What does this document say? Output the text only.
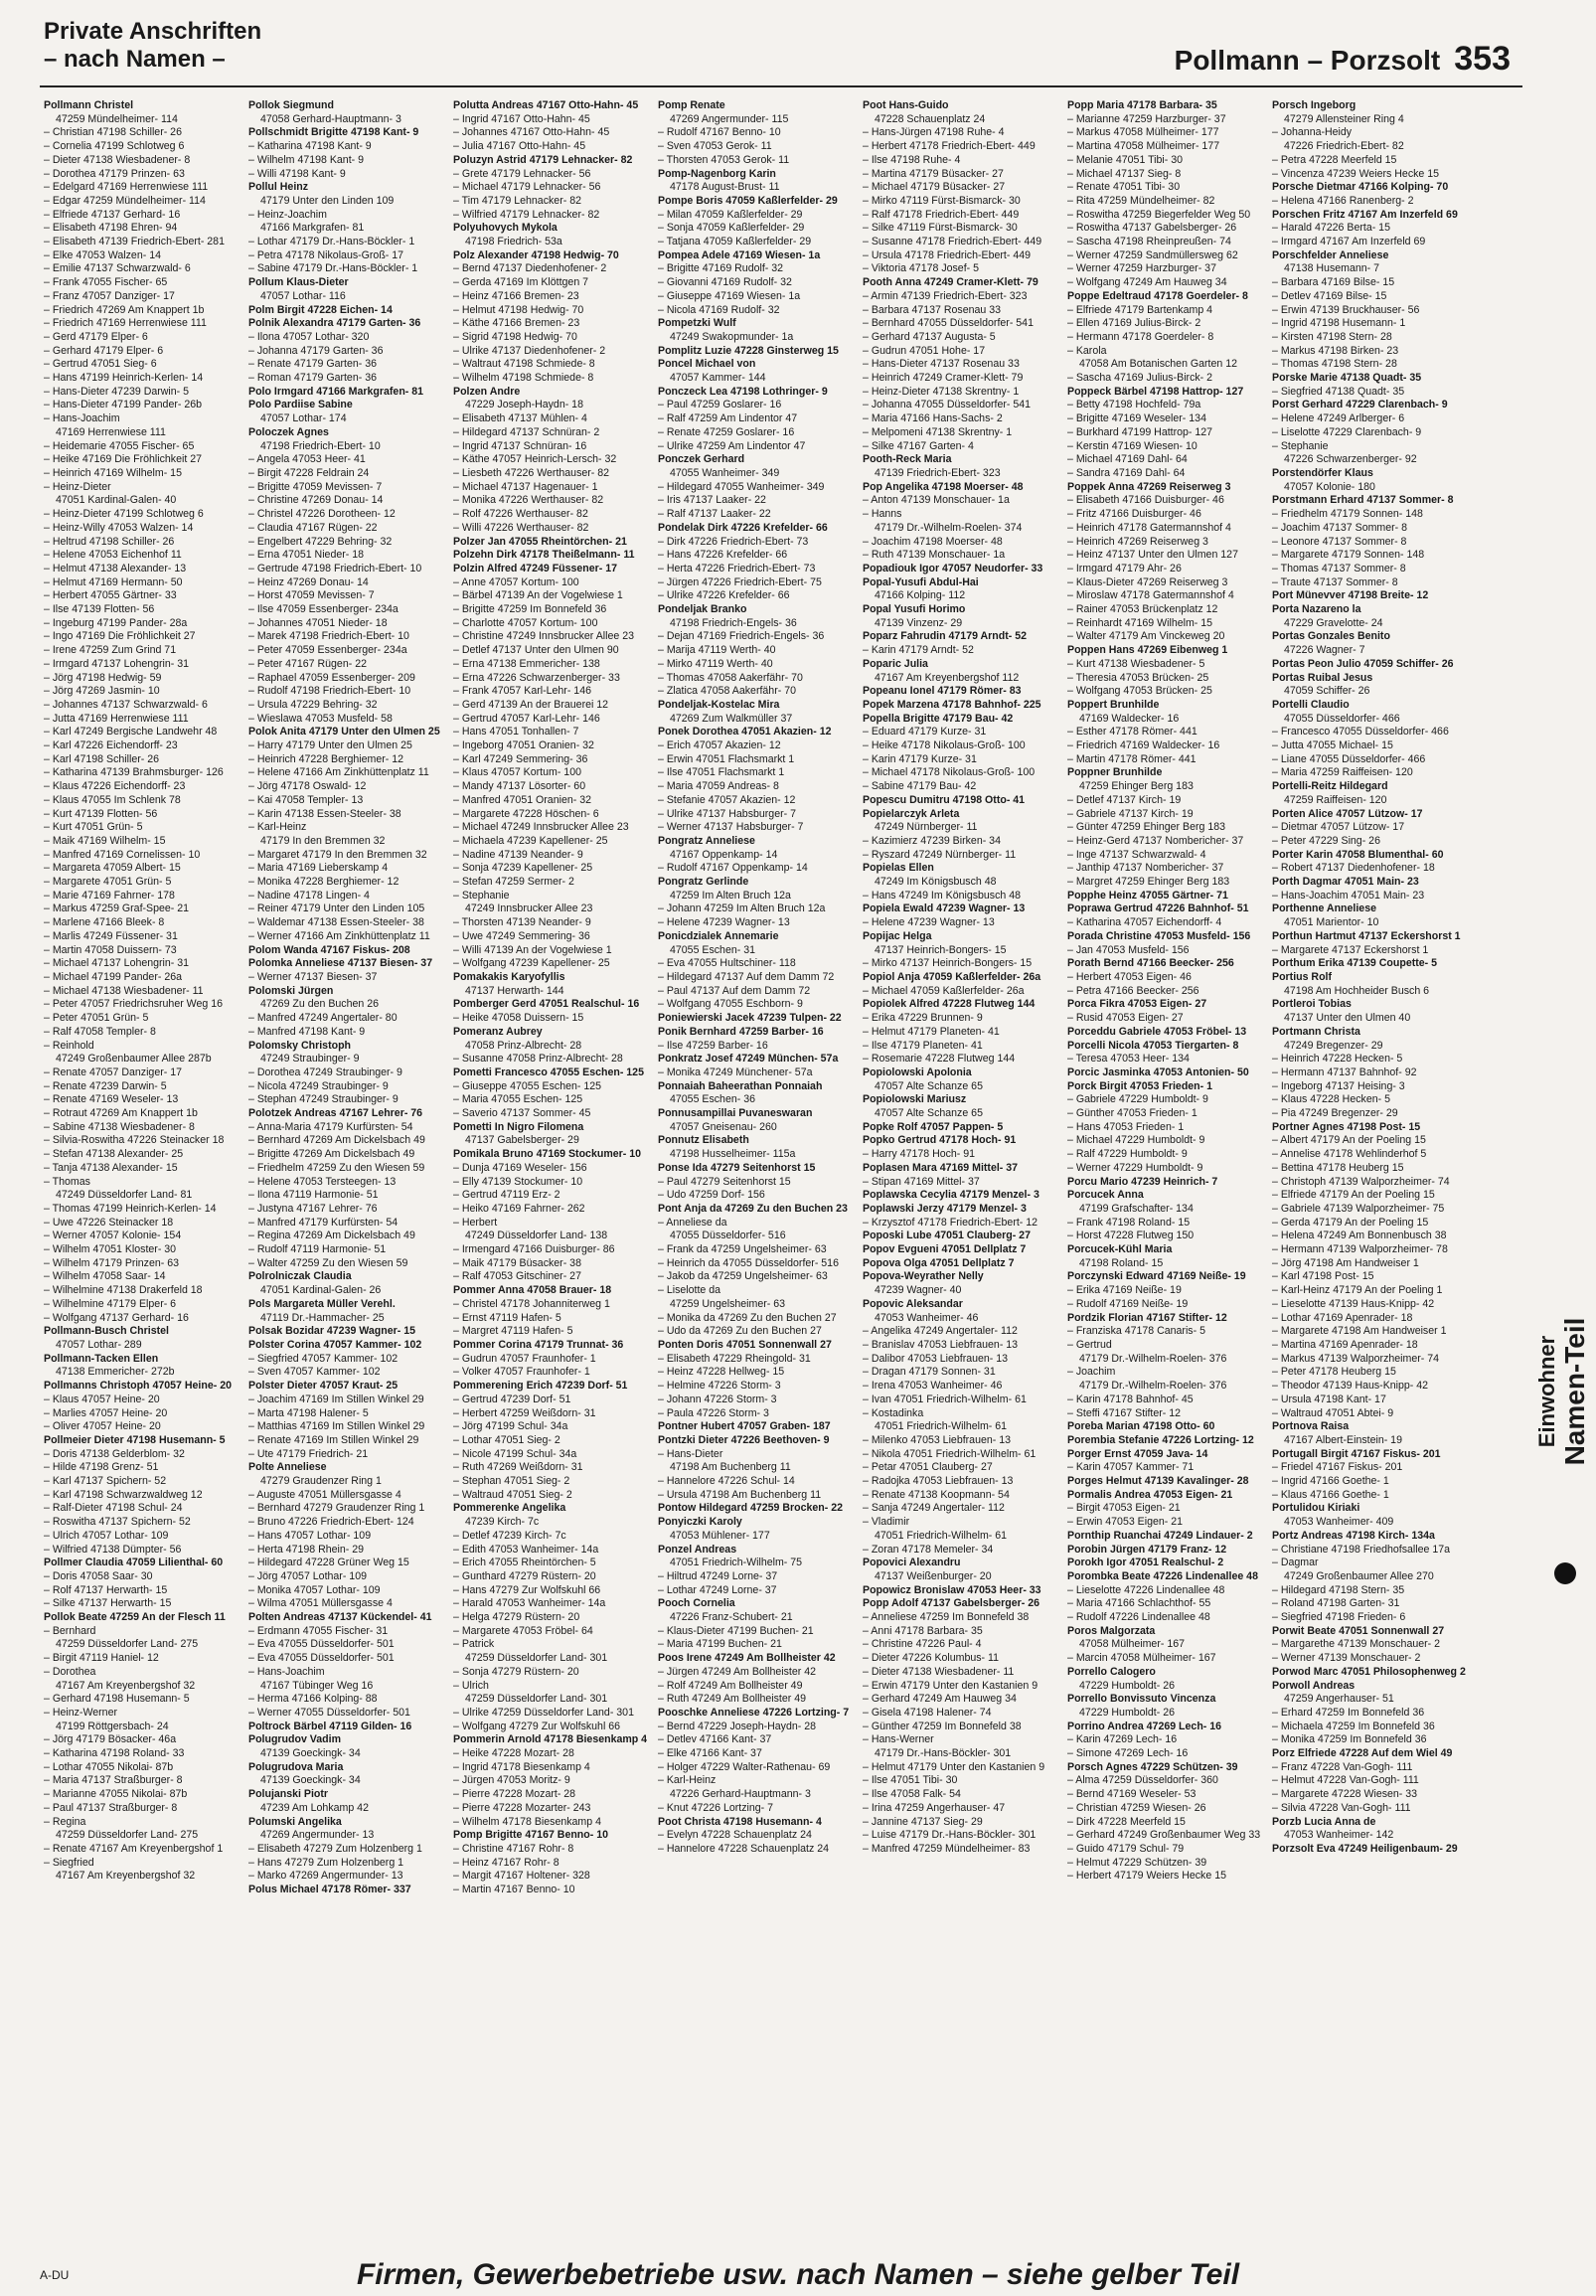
Private Anschriften
– nach Namen –	Pollmann – Porzsolt 353
Pollmann Christel
47259 Mündelheimer- 114
– Christian 47198 Schiller- 26
– Cornelia 47199 Schlotweg 6
– Dieter 47138 Wiesbadener- 8
– Dorothea 47179 Prinzen- 63
– Edelgard 47169 Herrenwiese 111
– Edgar 47259 Mündelheimer- 114
– Elfriede 47137 Gerhard- 16
– Elisabeth 47198 Ehren- 94
– Elisabeth 47139 Friedrich-Ebert- 281
– Elke 47053 Walzen- 14
– Emilie 47137 Schwarzwald- 6
– Frank 47055 Fischer- 65
– Franz 47057 Danziger- 17
– Friedrich 47269 Am Knappert 1b
– Friedrich 47169 Herrenwiese 111
– Gerd 47179 Elper- 6
– Gerhard 47179 Elper- 6
– Gertrud 47051 Sieg- 6
– Hans 47199 Heinrich-Kerlen- 14
– Hans-Dieter 47239 Darwin- 5
– Hans-Dieter 47199 Pander- 26b
– Hans-Joachim
47169 Herrenwiese 111
– Heidemarie 47055 Fischer- 65
– Heike 47169 Die Fröhlichkeit 27
– Heinrich 47169 Wilhelm- 15
– Heinz-Dieter
47051 Kardinal-Galen- 40
– Heinz-Dieter 47199 Schlotweg 6
– Heinz-Willy 47053 Walzen- 14
– Heltrud 47198 Schiller- 26
– Helene 47053 Eichenhof 11
– Helmut 47138 Alexander- 13
– Helmut 47169 Hermann- 50
– Herbert 47055 Gärtner- 33
– Ilse 47139 Flotten- 56
– Ingeburg 47199 Pander- 28a
– Ingo 47169 Die Fröhlichkeit 27
– Irene 47259 Zum Grind 71
– Irmgard 47137 Lohengrin- 31
– Jörg 47198 Hedwig- 59
– Jörg 47269 Jasmin- 10
– Johannes 47137 Schwarzwald- 6
– Jutta 47169 Herrenwiese 111
– Karl 47249 Bergische Landwehr 48
– Karl 47226 Eichendorff- 23
– Karl 47198 Schiller- 26
– Katharina 47139 Brahmsburger- 126
– Klaus 47226 Eichendorff- 23
– Klaus 47055 Im Schlenk 78
– Kurt 47139 Flotten- 56
– Kurt 47051 Grün- 5
– Maik 47169 Wilhelm- 15
– Manfred 47169 Cornelissen- 10
– Margareta 47059 Albert- 15
– Margarete 47051 Grün- 5
– Marie 47169 Fahrner- 178
– Markus 47259 Graf-Spee- 21
– Marlene 47166 Bleek- 8
– Marlis 47249 Füssener- 31
– Martin 47058 Duissern- 73
– Michael 47137 Lohengrin- 31
– Michael 47199 Pander- 26a
– Michael 47138 Wiesbadener- 11
– Peter 47057 Friedrichsruher Weg 16
– Peter 47051 Grün- 5
– Ralf 47058 Templer- 8
– Reinhold
47249 Großenbaumer Allee 287b
– Renate 47057 Danziger- 17
– Renate 47239 Darwin- 5
– Renate 47169 Weseler- 13
– Rotraut 47269 Am Knappert 1b
– Sabine 47138 Wiesbadener- 8
– Silvia-Roswitha 47226 Steinacker 18
– Stefan 47138 Alexander- 25
– Tanja 47138 Alexander- 15
– Thomas
47249 Düsseldorfer Land- 81
– Thomas 47199 Heinrich-Kerlen- 14
– Uwe 47226 Steinacker 18
– Werner 47057 Kolonie- 154
– Wilhelm 47051 Kloster- 30
– Wilhelm 47179 Prinzen- 63
– Wilhelm 47058 Saar- 14
– Wilhelmine 47138 Drakerfeld 18
– Wilhelmine 47179 Elper- 6
– Wolfgang 47137 Gerhard- 16
Pollmann-Busch Christel
47057 Lothar- 289
Pollmann-Tacken Ellen
47138 Emmericher- 272b
Pollmanns Christoph 47057 Heine- 20
– Klaus 47057 Heine- 20
– Marlies 47057 Heine- 20
– Oliver 47057 Heine- 20
Pollmeier Dieter 47198 Husemann- 5
– Doris 47138 Gelderblom- 32
– Hilde 47198 Grenz- 51
– Karl 47137 Spichern- 52
– Karl 47198 Schwarzwaldweg 12
– Ralf-Dieter 47198 Schul- 24
– Roswitha 47137 Spichern- 52
– Ulrich 47057 Lothar- 109
– Wilfried 47138 Dümpter- 56
Pollmer Claudia 47059 Lilienthal- 60
– Doris 47058 Saar- 30
– Rolf 47137 Herwarth- 15
– Silke 47137 Herwarth- 15
Pollok Beate 47259 An der Flesch 11
– Bernhard
47259 Düsseldorfer Land- 275
– Birgit 47119 Haniel- 12
– Dorothea
47167 Am Kreyenbergshof 32
– Gerhard 47198 Husemann- 5
– Heinz-Werner
47199 Röttgersbach- 24
– Jörg 47179 Bösacker- 46a
– Katharina 47198 Roland- 33
– Lothar 47055 Nikolai- 87b
– Maria 47137 Straßburger- 8
– Marianne 47055 Nikolai- 87b
– Paul 47137 Straßburger- 8
– Regina
47259 Düsseldorfer Land- 275
– Renate 47167 Am Kreyenbergshof 1
– Siegfried
47167 Am Kreyenbergshof 32
Pollok Siegmund
47058 Gerhard-Hauptmann- 3
Pollschmidt Brigitte 47198 Kant- 9
– Katharina 47198 Kant- 9
– Wilhelm 47198 Kant- 9
– Willi 47198 Kant- 9
Pollul Heinz
47179 Unter den Linden 109
– Heinz-Joachim
47166 Markgrafen- 81
– Lothar 47179 Dr.-Hans-Böckler- 1
– Petra 47178 Nikolaus-Groß- 17
– Sabine 47179 Dr.-Hans-Böckler- 1
Pollum Klaus-Dieter
47057 Lothar- 116
Polm Birgit 47228 Eichen- 14
Polnik Alexandra 47179 Garten- 36
– Ilona 47057 Lothar- 320
– Johanna 47179 Garten- 36
– Renate 47179 Garten- 36
– Roman 47179 Garten- 36
Polo Irmgard 47166 Markgrafen- 81
Polo Pardiise Sabine
47057 Lothar- 174
Poloczek Agnes
47198 Friedrich-Ebert- 10
– Angela 47053 Heer- 41
– Birgit 47228 Feldrain 24
– Brigitte 47059 Mevissen- 7
– Christine 47269 Donau- 14
– Christel 47226 Dorotheen- 12
– Claudia 47167 Rügen- 22
– Engelbert 47229 Behring- 32
– Erna 47051 Nieder- 18
– Gertrude 47198 Friedrich-Ebert- 10
– Heinz 47269 Donau- 14
– Horst 47059 Mevissen- 7
– Ilse 47059 Essenberger- 234a
– Johannes 47051 Nieder- 18
– Marek 47198 Friedrich-Ebert- 10
– Peter 47059 Essenberger- 234a
– Peter 47167 Rügen- 22
– Raphael 47059 Essenberger- 209
– Rudolf 47198 Friedrich-Ebert- 10
– Ursula 47229 Behring- 32
– Wieslawa 47053 Musfeld- 58
Polok Anita 47179 Unter den Ulmen 25
– Harry 47179 Unter den Ulmen 25
– Heinrich 47228 Berghiemer- 12
– Helene 47166 Am Zinkhüttenplatz 11
– Jörg 47178 Oswald- 12
– Kai 47058 Templer- 13
– Karin 47138 Essen-Steeler- 38
– Karl-Heinz
47179 In den Bremmen 32
– Margaret 47179 In den Bremmen 32
– Maria 47169 Lieberskamp 4
– Monika 47228 Berghiemer- 12
– Nadine 47178 Lingen- 4
– Reiner 47179 Unter den Linden 105
– Waldemar 47138 Essen-Steeler- 38
– Werner 47166 Am Zinkhüttenplatz 11
Polom Wanda 47167 Fiskus- 208
Polomka Anneliese 47137 Biesen- 37
– Werner 47137 Biesen- 37
Polomski Jürgen
47269 Zu den Buchen 26
– Manfred 47249 Angertaler- 80
– Manfred 47198 Kant- 9
Polomsky Christoph
47249 Straubinger- 9
– Dorothea 47249 Straubinger- 9
– Nicola 47249 Straubinger- 9
– Stephan 47249 Straubinger- 9
Polotzek Andreas 47167 Lehrer- 76
– Anna-Maria 47179 Kurfürsten- 54
– Bernhard 47269 Am Dickelsbach 49
– Brigitte 47269 Am Dickelsbach 49
– Friedhelm 47259 Zu den Wiesen 59
– Helene 47053 Tersteegen- 13
– Ilona 47119 Harmonie- 51
– Justyna 47167 Lehrer- 76
– Manfred 47179 Kurfürsten- 54
– Regina 47269 Am Dickelsbach 49
– Rudolf 47119 Harmonie- 51
– Walter 47259 Zu den Wiesen 59
Polrolniczak Claudia
47051 Kardinal-Galen- 26
Pols Margareta Müller Verehl.
47119 Dr.-Hammacher- 25
Polsak Bozidar 47239 Wagner- 15
Polster Corina 47057 Kammer- 102
– Siegfried 47057 Kammer- 102
– Sven 47057 Kammer- 102
Polster Dieter 47057 Kraut- 25
– Joachim 47169 Im Stillen Winkel 29
– Marta 47198 Halener- 5
– Matthias 47169 Im Stillen Winkel 29
– Renate 47169 Im Stillen Winkel 29
– Ute 47179 Friedrich- 21
Polte Anneliese
47279 Graudenzer Ring 1
– Auguste 47051 Müllersgasse 4
– Bernhard 47279 Graudenzer Ring 1
– Bruno 47226 Friedrich-Ebert- 124
– Hans 47057 Lothar- 109
– Herta 47198 Rhein- 29
– Hildegard 47228 Grüner Weg 15
– Jörg 47057 Lothar- 109
– Monika 47057 Lothar- 109
– Wilma 47051 Müllersgasse 4
Polten Andreas 47137 Kückendel- 41
– Erdmann 47055 Fischer- 31
– Eva 47055 Düsseldorfer- 501
– Eva 47055 Düsseldorfer- 501
– Hans-Joachim
47167 Tübinger Weg 16
– Herma 47166 Kolping- 88
– Werner 47055 Düsseldorfer- 501
Poltrock Bärbel 47119 Gilden- 16
Polugrudov Vadim
47139 Goeckingk- 34
Polugrudova Maria
47139 Goeckingk- 34
Polujanski Piotr
47239 Am Lohkamp 42
Polumski Angelika
47269 Angermunder- 13
– Elisabeth 47279 Zum Holzenberg 1
– Hans 47279 Zum Holzenberg 1
– Marko 47269 Angermunder- 13
Polus Michael 47178 Römer- 337
Polutta Andreas 47167 Otto-Hahn- 45
– Ingrid 47167 Otto-Hahn- 45
– Johannes 47167 Otto-Hahn- 45
– Julia 47167 Otto-Hahn- 45
Poluzyn Astrid 47179 Lehnacker- 82
– Grete 47179 Lehnacker- 56
– Michael 47179 Lehnacker- 56
– Tim 47179 Lehnacker- 82
– Wilfried 47179 Lehnacker- 82
Polyuhovych Mykola
47198 Friedrich- 53a
Polz Alexander 47198 Hedwig- 70
– Bernd 47137 Diedenhofener- 2
– Gerda 47169 Im Klöttgen 7
– Heinz 47166 Bremen- 23
– Helmut 47198 Hedwig- 70
– Käthe 47166 Bremen- 23
– Sigrid 47198 Hedwig- 70
– Ulrike 47137 Diedenhofener- 2
– Waltraut 47198 Schmiede- 8
– Wilhelm 47198 Schmiede- 8
Polzen Andre
47229 Joseph-Haydn- 18
– Elisabeth 47137 Mühlen- 4
– Hildegard 47137 Schnüran- 2
– Ingrid 47137 Schnüran- 16
– Käthe 47057 Heinrich-Lersch- 32
– Liesbeth 47226 Werthauser- 82
– Michael 47137 Hagenauer- 1
– Monika 47226 Werthauser- 82
– Rolf 47226 Werthauser- 82
– Willi 47226 Werthauser- 82
Polzer Jan 47055 Rheintörchen- 21
Polzehn Dirk 47178 Theißelmann- 11
Polzin Alfred 47249 Füssener- 17
– Anne 47057 Kortum- 100
– Bärbel 47139 An der Vogelwiese 1
– Brigitte 47259 Im Bonnefeld 36
– Charlotte 47057 Kortum- 100
– Christine 47249 Innsbrucker Allee 23
– Detlef 47137 Unter den Ulmen 90
– Erna 47138 Emmericher- 138
– Erna 47226 Schwarzenberger- 33
– Frank 47057 Karl-Lehr- 146
– Gerd 47139 An der Brauerei 12
– Gertrud 47057 Karl-Lehr- 146
– Hans 47051 Tonhallen- 7
– Ingeborg 47051 Oranien- 32
– Karl 47249 Semmering- 36
– Klaus 47057 Kortum- 100
– Mandy 47137 Lösorter- 60
– Manfred 47051 Oranien- 32
– Margarete 47228 Höschen- 6
– Michael 47249 Innsbrucker Allee 23
– Michaela 47239 Kapellener- 25
– Nadine 47139 Neander- 9
– Sonja 47239 Kapellener- 25
– Stefan 47259 Sermer- 2
– Stephanie
47249 Innsbrucker Allee 23
– Thorsten 47139 Neander- 9
– Uwe 47249 Semmering- 36
– Willi 47139 An der Vogelwiese 1
– Wolfgang 47239 Kapellener- 25
Pomakakis Karyofyllis
47137 Herwarth- 144
Pomberger Gerd 47051 Realschul- 16
– Heike 47058 Duissern- 15
Pomeranz Aubrey
47058 Prinz-Albrecht- 28
– Susanne 47058 Prinz-Albrecht- 28
Pometti Francesco 47055 Eschen- 125
– Giuseppe 47055 Eschen- 125
– Maria 47055 Eschen- 125
– Saverio 47137 Sommer- 45
Pometti In Nigro Filomena
47137 Gabelsberger- 29
Pomikala Bruno 47169 Stockumer- 10
– Dunja 47169 Weseler- 156
– Elly 47139 Stockumer- 10
– Gertrud 47119 Erz- 2
– Heiko 47169 Fahrner- 262
– Herbert
47249 Düsseldorfer Land- 138
– Irmengard 47166 Duisburger- 86
– Maik 47179 Büsacker- 38
– Ralf 47053 Gitschiner- 27
Pommer Anna 47058 Brauer- 18
– Christel 47178 Johanniterweg 1
– Ernst 47119 Hafen- 5
– Margret 47119 Hafen- 5
Pommer Corina 47179 Trunnat- 36
– Gudrun 47057 Fraunhofer- 1
– Volker 47057 Fraunhofer- 1
Pommerening Erich 47239 Dorf- 51
– Gertrud 47239 Dorf- 51
– Herbert 47259 Weißdorn- 31
– Jörg 47199 Schul- 34a
– Lothar 47051 Sieg- 2
– Nicole 47199 Schul- 34a
– Ruth 47269 Weißdorn- 31
– Stephan 47051 Sieg- 2
– Waltraud 47051 Sieg- 2
Pommerenke Angelika
47239 Kirch- 7c
– Detlef 47239 Kirch- 7c
– Edith 47053 Wanheimer- 14a
– Erich 47055 Rheintörchen- 5
– Gunthard 47279 Rüstern- 20
– Hans 47279 Zur Wolfskuhl 66
– Harald 47053 Wanheimer- 14a
– Helga 47279 Rüstern- 20
– Margarete 47053 Fröbel- 64
– Patrick
47259 Düsseldorfer Land- 301
– Sonja 47279 Rüstern- 20
– Ulrich
47259 Düsseldorfer Land- 301
– Ulrike 47259 Düsseldorfer Land- 301
– Wolfgang 47279 Zur Wolfskuhl 66
Pommerin Arnold 47178 Biesenkamp 4
– Heike 47228 Mozart- 28
– Ingrid 47178 Biesenkamp 4
– Jürgen 47053 Moritz- 9
– Pierre 47228 Mozart- 28
– Pierre 47228 Mozarter- 243
– Wilhelm 47178 Biesenkamp 4
Pomp Brigitte 47167 Benno- 10
– Christine 47167 Rohr- 8
– Heinz 47167 Rohr- 8
– Margit 47167 Holtener- 328
– Martin 47167 Benno- 10
Pomp Renate
47269 Angermunder- 115
– Rudolf 47167 Benno- 10
– Sven 47053 Gerok- 11
– Thorsten 47053 Gerok- 11
Pomp-Nagenborg Karin
47178 August-Brust- 11
Pompe Boris 47059 Kaßlerfelder- 29
– Milan 47059 Kaßlerfelder- 29
– Sonja 47059 Kaßlerfelder- 29
– Tatjana 47059 Kaßlerfelder- 29
Pompea Adele 47169 Wiesen- 1a
– Brigitte 47169 Rudolf- 32
– Giovanni 47169 Rudolf- 32
– Giuseppe 47169 Wiesen- 1a
– Nicola 47169 Rudolf- 32
Pompetzki Wulf
47249 Swakopmunder- 1a
Pomplitz Luzie 47228 Ginsterweg 15
Poncel Michael von
47057 Kammer- 144
Ponczeck Lea 47198 Lothringer- 9
– Paul 47259 Goslarer- 16
– Ralf 47259 Am Lindentor 47
– Renate 47259 Goslarer- 16
– Ulrike 47259 Am Lindentor 47
Ponczek Gerhard
47055 Wanheimer- 349
– Hildegard 47055 Wanheimer- 349
– Iris 47137 Laaker- 22
– Ralf 47137 Laaker- 22
Pondelak Dirk 47226 Krefelder- 66
– Dirk 47226 Friedrich-Ebert- 73
– Hans 47226 Krefelder- 66
– Herta 47226 Friedrich-Ebert- 73
– Jürgen 47226 Friedrich-Ebert- 75
– Ulrike 47226 Krefelder- 66
Pondeljak Branko
47198 Friedrich-Engels- 36
– Dejan 47169 Friedrich-Engels- 36
– Marija 47119 Werth- 40
– Mirko 47119 Werth- 40
– Thomas 47058 Aakerfähr- 70
– Zlatica 47058 Aakerfähr- 70
Pondeljak-Kostelac Mira
47269 Zum Walkmüller 37
Ponek Dorothea 47051 Akazien- 12
– Erich 47057 Akazien- 12
– Erwin 47051 Flachsmarkt 1
– Ilse 47051 Flachsmarkt 1
– Maria 47059 Andreas- 8
– Stefanie 47057 Akazien- 12
– Ulrike 47137 Habsburger- 7
– Werner 47137 Habsburger- 7
Pongratz Anneliese
47167 Oppenkamp- 14
– Rudolf 47167 Oppenkamp- 14
Pongratz Gerlinde
47259 Im Alten Bruch 12a
– Johann 47259 Im Alten Bruch 12a
– Helene 47239 Wagner- 13
Ponicdzialek Annemarie
47055 Eschen- 31
– Eva 47055 Hultschiner- 118
– Hildegard 47137 Auf dem Damm 72
– Paul 47137 Auf dem Damm 72
– Wolfgang 47055 Eschborn- 9
Poniewierski Jacek 47239 Tulpen- 22
Ponik Bernhard 47259 Barber- 16
– Ilse 47259 Barber- 16
Ponkratz Josef 47249 München- 57a
– Monika 47249 Münchener- 57a
Ponnaiah Baheerathan Ponnaiah
47055 Eschen- 36
Ponnusampillai Puvaneswaran
47057 Gneisenau- 260
Ponnutz Elisabeth
47198 Husselheimer- 115a
Ponse Ida 47279 Seitenhorst 15
– Paul 47279 Seitenhorst 15
– Udo 47259 Dorf- 156
Pont Anja da 47269 Zu den Buchen 23
– Anneliese da
47055 Düsseldorfer- 516
– Frank da 47259 Ungelsheimer- 63
– Heinrich da 47055 Düsseldorfer- 516
– Jakob da 47259 Ungelsheimer- 63
– Liselotte da
47259 Ungelsheimer- 63
– Monika da 47269 Zu den Buchen 27
– Udo da 47269 Zu den Buchen 27
Ponten Doris 47051 Sonnenwall 27
– Elisabeth 47229 Rheingold- 31
– Heinz 47228 Hellweg- 15
– Helmine 47226 Storm- 3
– Johann 47226 Storm- 3
– Paula 47226 Storm- 3
Pontner Hubert 47057 Graben- 187
Pontzki Dieter 47226 Beethoven- 9
– Hans-Dieter
47198 Am Buchenberg 11
– Hannelore 47226 Schul- 14
– Ursula 47198 Am Buchenberg 11
Pontow Hildegard 47259 Brocken- 22
Ponyiczki Karoly
47053 Mühlener- 177
Ponzel Andreas
47051 Friedrich-Wilhelm- 75
– Hiltrud 47249 Lorne- 37
– Lothar 47249 Lorne- 37
Pooch Cornelia
47226 Franz-Schubert- 21
– Klaus-Dieter 47199 Buchen- 21
– Maria 47199 Buchen- 21
Poos Irene 47249 Am Bollheister 42
– Jürgen 47249 Am Bollheister 42
– Rolf 47249 Am Bollheister 49
– Ruth 47249 Am Bollheister 49
Pooschke Anneliese 47226 Lortzing- 7
– Bernd 47229 Joseph-Haydn- 28
– Detlev 47166 Kant- 37
– Elke 47166 Kant- 37
– Holger 47229 Walter-Rathenau- 69
– Karl-Heinz
47226 Gerhard-Hauptmann- 3
– Knut 47226 Lortzing- 7
Poot Christa 47198 Husemann- 4
– Evelyn 47228 Schauenplatz 24
– Hannelore 47228 Schauenplatz 24
Poot Hans-Guido
47228 Schauenplatz 24
– Hans-Jürgen 47198 Ruhe- 4
– Herbert 47178 Friedrich-Ebert- 449
– Ilse 47198 Ruhe- 4
– Martina 47179 Büsacker- 27
– Michael 47179 Büsacker- 27
– Mirko 47119 Fürst-Bismarck- 30
– Ralf 47178 Friedrich-Ebert- 449
– Silke 47119 Fürst-Bismarck- 30
– Susanne 47178 Friedrich-Ebert- 449
– Ursula 47178 Friedrich-Ebert- 449
– Viktoria 47178 Josef- 5
Pooth Anna 47249 Cramer-Klett- 79
– Armin 47139 Friedrich-Ebert- 323
– Barbara 47137 Rosenau 33
– Bernhard 47055 Düsseldorfer- 541
– Gerhard 47137 Augusta- 5
– Gudrun 47051 Hohe- 17
– Hans-Dieter 47137 Rosenau 33
– Heinrich 47249 Cramer-Klett- 79
– Heinz-Dieter 47138 Skrentny- 1
– Johanna 47055 Düsseldorfer- 541
– Maria 47166 Hans-Sachs- 2
– Melpomeni 47138 Skrentny- 1
– Silke 47167 Garten- 4
Pooth-Reck Maria
47139 Friedrich-Ebert- 323
Pop Angelika 47198 Moerser- 48
– Anton 47139 Monschauer- 1a
– Hanns
47179 Dr.-Wilhelm-Roelen- 374
– Joachim 47198 Moerser- 48
– Ruth 47139 Monschauer- 1a
Popadiouk Igor 47057 Neudorfer- 33
Popal-Yusufi Abdul-Hai
47166 Kolping- 112
Popal Yusufi Horimo
47139 Vinzenz- 29
Poparz Fahrudin 47179 Arndt- 52
– Karin 47179 Arndt- 52
Poparic Julia
47167 Am Kreyenbergshof 112
Popeanu Ionel 47179 Römer- 83
Popek Marzena 47178 Bahnhof- 225
Popella Brigitte 47179 Bau- 42
– Eduard 47179 Kurze- 31
– Heike 47178 Nikolaus-Groß- 100
– Karin 47179 Kurze- 31
– Michael 47178 Nikolaus-Groß- 100
– Sabine 47179 Bau- 42
Popescu Dumitru 47198 Otto- 41
Popielarczyk Arleta
47249 Nürnberger- 11
– Kazimierz 47239 Birken- 34
– Ryszard 47249 Nürnberger- 11
Popielas Ellen
47249 Im Königsbusch 48
– Hans 47249 Im Königsbusch 48
Popiela Ewald 47239 Wagner- 13
– Helene 47239 Wagner- 13
Popijac Helga
47137 Heinrich-Bongers- 15
– Mirko 47137 Heinrich-Bongers- 15
Popiol Anja 47059 Kaßlerfelder- 26a
– Michael 47059 Kaßlerfelder- 26a
Popiolek Alfred 47228 Flutweg 144
– Erika 47229 Brunnen- 9
– Helmut 47179 Planeten- 41
– Ilse 47179 Planeten- 41
– Rosemarie 47228 Flutweg 144
Popiolowski Apolonia
47057 Alte Schanze 65
Popiolowski Mariusz
47057 Alte Schanze 65
Popke Rolf 47057 Pappen- 5
Popko Gertrud 47178 Hoch- 91
– Harry 47178 Hoch- 91
Poplasen Mara 47169 Mittel- 37
– Stipan 47169 Mittel- 37
Poplawska Cecylia 47179 Menzel- 3
Poplawski Jerzy 47179 Menzel- 3
– Krzysztof 47178 Friedrich-Ebert- 12
Poposki Lube 47051 Clauberg- 27
Popov Evgueni 47051 Dellplatz 7
Popova Olga 47051 Dellplatz 7
Popova-Weyrather Nelly
47239 Wagner- 40
Popovic Aleksandar
47053 Wanheimer- 46
– Angelika 47249 Angertaler- 112
– Branislav 47053 Liebfrauen- 13
– Dalibor 47053 Liebfrauen- 13
– Dragan 47179 Sonnen- 31
– Irena 47053 Wanheimer- 46
– Ivan 47051 Friedrich-Wilhelm- 61
– Kostadinka
47051 Friedrich-Wilhelm- 61
– Milenko 47053 Liebfrauen- 13
– Nikola 47051 Friedrich-Wilhelm- 61
– Petar 47051 Clauberg- 27
– Radojka 47053 Liebfrauen- 13
– Renate 47138 Koopmann- 54
– Sanja 47249 Angertaler- 112
– Vladimir
47051 Friedrich-Wilhelm- 61
– Zoran 47178 Memeler- 34
Popovici Alexandru
47137 Weißenburger- 20
Popowicz Bronislaw 47053 Heer- 33
Popp Adolf 47137 Gabelsberger- 26
– Anneliese 47259 Im Bonnefeld 38
– Anni 47178 Barbara- 35
– Christine 47226 Paul- 4
– Dieter 47226 Kolumbus- 11
– Dieter 47138 Wiesbadener- 11
– Erwin 47179 Unter den Kastanien 9
– Gerhard 47249 Am Hauweg 34
– Gisela 47198 Halener- 74
– Günther 47259 Im Bonnefeld 38
– Hans-Werner
47179 Dr.-Hans-Böckler- 301
– Helmut 47179 Unter den Kastanien 9
– Ilse 47051 Tibi- 30
– Ilse 47058 Falk- 54
– Irina 47259 Angerhauser- 47
– Jannine 47137 Sieg- 29
– Luise 47179 Dr.-Hans-Böckler- 301
– Manfred 47259 Mündelheimer- 83
Popp Maria 47178 Barbara- 35
– Marianne 47259 Harzburger- 37
– Markus 47058 Mülheimer- 177
– Martina 47058 Mülheimer- 177
– Melanie 47051 Tibi- 30
– Michael 47137 Sieg- 8
– Renate 47051 Tibi- 30
– Rita 47259 Mündelheimer- 82
– Roswitha 47259 Biegerfelder Weg 50
– Roswitha 47137 Gabelsberger- 26
– Sascha 47198 Rheinpreußen- 74
– Werner 47259 Sandmüllersweg 62
– Werner 47259 Harzburger- 37
– Wolfgang 47249 Am Hauweg 34
Poppe Edeltraud 47178 Goerdeler- 8
– Elfriede 47179 Bartenkamp 4
– Ellen 47169 Julius-Birck- 2
– Hermann 47178 Goerdeler- 8
– Karola
47058 Am Botanischen Garten 12
– Sascha 47169 Julius-Birck- 2
Poppeck Bärbel 47198 Hattrop- 127
– Betty 47198 Hochfeld- 79a
– Brigitte 47169 Weseler- 134
– Burkhard 47199 Hattrop- 127
– Kerstin 47169 Wiesen- 10
– Michael 47169 Dahl- 64
– Sandra 47169 Dahl- 64
Poppek Anna 47269 Reiserweg 3
– Elisabeth 47166 Duisburger- 46
– Fritz 47166 Duisburger- 46
– Heinrich 47178 Gatermannshof 4
– Heinrich 47269 Reiserweg 3
– Heinz 47137 Unter den Ulmen 127
– Irmgard 47179 Ahr- 26
– Klaus-Dieter 47269 Reiserweg 3
– Miroslaw 47178 Gatermannshof 4
– Rainer 47053 Brückenplatz 12
– Reinhardt 47169 Wilhelm- 15
– Walter 47179 Am Vinckeweg 20
Poppen Hans 47269 Eibenweg 1
– Kurt 47138 Wiesbadener- 5
– Theresia 47053 Brücken- 25
– Wolfgang 47053 Brücken- 25
Poppert Brunhilde
47169 Waldecker- 16
– Esther 47178 Römer- 441
– Friedrich 47169 Waldecker- 16
– Martin 47178 Römer- 441
Poppner Brunhilde
47259 Ehinger Berg 183
– Detlef 47137 Kirch- 19
– Gabriele 47137 Kirch- 19
– Günter 47259 Ehinger Berg 183
– Heinz-Gerd 47137 Nombericher- 37
– Inge 47137 Schwarzwald- 4
– Janthip 47137 Nombericher- 37
– Margret 47259 Ehinger Berg 183
Popphe Heinz 47055 Gärtner- 71
Poprawa Gertrud 47226 Bahnhof- 51
– Katharina 47057 Eichendorff- 4
Porada Christine 47053 Musfeld- 156
– Jan 47053 Musfeld- 156
Porath Bernd 47166 Beecker- 256
– Herbert 47053 Eigen- 46
– Petra 47166 Beecker- 256
Porca Fikra 47053 Eigen- 27
– Rusid 47053 Eigen- 27
Porceddu Gabriele 47053 Fröbel- 13
Porcelli Nicola 47053 Tiergarten- 8
– Teresa 47053 Heer- 134
Porcic Jasminka 47053 Antonien- 50
Porck Birgit 47053 Frieden- 1
– Gabriele 47229 Humboldt- 9
– Günther 47053 Frieden- 1
– Hans 47053 Frieden- 1
– Michael 47229 Humboldt- 9
– Ralf 47229 Humboldt- 9
– Werner 47229 Humboldt- 9
Porcu Mario 47239 Heinrich- 7
Porcucek Anna
47199 Grafschafter- 134
– Frank 47198 Roland- 15
– Horst 47228 Flutweg 150
Porcucek-Kühl Maria
47198 Roland- 15
Porczynski Edward 47169 Neiße- 19
– Erika 47169 Neiße- 19
– Rudolf 47169 Neiße- 19
Pordzik Florian 47167 Stifter- 12
– Franziska 47178 Canaris- 5
– Gertrud
47179 Dr.-Wilhelm-Roelen- 376
– Joachim
47179 Dr.-Wilhelm-Roelen- 376
– Karin 47178 Bahnhof- 45
– Steffi 47167 Stifter- 12
Poreba Marian 47198 Otto- 60
Porembia Stefanie 47226 Lortzing- 12
Porger Ernst 47059 Java- 14
– Karin 47057 Kammer- 71
Porges Helmut 47139 Kavalinger- 28
Pormalis Andrea 47053 Eigen- 21
– Birgit 47053 Eigen- 21
– Erwin 47053 Eigen- 21
Pornthip Ruanchai 47249 Lindauer- 2
Porobin Jürgen 47179 Franz- 12
Porokh Igor 47051 Realschul- 2
Porombka Beate 47226 Lindenallee 48
– Lieselotte 47226 Lindenallee 48
– Maria 47166 Schlachthof- 55
– Rudolf 47226 Lindenallee 48
Poros Malgorzata
47058 Mülheimer- 167
– Marcin 47058 Mülheimer- 167
Porrello Calogero
47229 Humboldt- 26
Porrello Bonvissuto Vincenza
47229 Humboldt- 26
Porrino Andrea 47269 Lech- 16
– Karin 47269 Lech- 16
– Simone 47269 Lech- 16
Porsch Agnes 47229 Schützen- 39
– Alma 47259 Düsseldorfer- 360
– Bernd 47169 Weseler- 53
– Christian 47259 Wiesen- 26
– Dirk 47228 Meerfeld 15
– Gerhard 47249 Großenbaumer Weg 33
– Guido 47179 Schul- 79
– Helmut 47229 Schützen- 39
– Herbert 47179 Weiers Hecke 15
Porsch Ingeborg
47279 Allensteiner Ring 4
– Johanna-Heidy
47226 Friedrich-Ebert- 82
– Petra 47228 Meerfeld 15
– Vincenza 47239 Weiers Hecke 15
Porsche Dietmar 47166 Kolping- 70
– Helena 47166 Ranenberg- 2
Porschen Fritz 47167 Am Inzerfeld 69
– Harald 47226 Berta- 15
– Irmgard 47167 Am Inzerfeld 69
Porschfelder Anneliese
47138 Husemann- 7
– Barbara 47169 Bilse- 15
– Detlev 47169 Bilse- 15
– Erwin 47139 Bruckhauser- 56
– Ingrid 47198 Husemann- 1
– Kirsten 47198 Stern- 28
– Markus 47198 Birken- 23
– Thomas 47198 Stern- 28
Porske Marie 47138 Quadt- 35
– Siegfried 47138 Quadt- 35
Porst Gerhard 47229 Clarenbach- 9
– Helene 47249 Arlberger- 6
– Liselotte 47229 Clarenbach- 9
– Stephanie
47226 Schwarzenberger- 92
Porstendörfer Klaus
47057 Kolonie- 180
Porstmann Erhard 47137 Sommer- 8
– Friedhelm 47179 Sonnen- 148
– Joachim 47137 Sommer- 8
– Leonore 47137 Sommer- 8
– Margarete 47179 Sonnen- 148
– Thomas 47137 Sommer- 8
– Traute 47137 Sommer- 8
Port Münevver 47198 Breite- 12
Porta Nazareno la
47229 Gravelotte- 24
Portas Gonzales Benito
47226 Wagner- 7
Portas Peon Julio 47059 Schiffer- 26
Portas Ruibal Jesus
47059 Schiffer- 26
Portelli Claudio
47055 Düsseldorfer- 466
– Francesco 47055 Düsseldorfer- 466
– Jutta 47055 Michael- 15
– Liane 47055 Düsseldorfer- 466
– Maria 47259 Raiffeisen- 120
Portelli-Reitz Hildegard
47259 Raiffeisen- 120
Porten Alice 47057 Lützow- 17
– Dietmar 47057 Lützow- 17
– Peter 47229 Sing- 26
Porter Karin 47058 Blumenthal- 60
– Robert 47137 Diedenhofener- 18
Porth Dagmar 47051 Main- 23
– Hans-Joachim 47051 Main- 23
Porthenne Anneliese
47051 Marientor- 10
Porthun Hartmut 47137 Eckershorst 1
– Margarete 47137 Eckershorst 1
Porthum Erika 47139 Coupette- 5
Portius Rolf
47198 Am Hochheider Busch 6
Portleroi Tobias
47137 Unter den Ulmen 40
Portmann Christa
47249 Bregenzer- 29
– Heinrich 47228 Hecken- 5
– Hermann 47137 Bahnhof- 92
– Ingeborg 47137 Heising- 3
– Klaus 47228 Hecken- 5
– Pia 47249 Bregenzer- 29
Portner Agnes 47198 Post- 15
– Albert 47179 An der Poeling 15
– Annelise 47178 Wehlinderhof 5
– Bettina 47178 Heuberg 15
– Christoph 47139 Walporzheimer- 74
– Elfriede 47179 An der Poeling 15
– Gabriele 47139 Walporzheimer- 75
– Gerda 47179 An der Poeling 15
– Helena 47249 Am Bonnenbusch 38
– Hermann 47139 Walporzheimer- 78
– Jörg 47198 Am Handweiser 1
– Karl 47198 Post- 15
– Karl-Heinz 47179 An der Poeling 1
– Lieselotte 47139 Haus-Knipp- 42
– Lothar 47169 Apenrader- 18
– Margarete 47198 Am Handweiser 1
– Martina 47169 Apenrader- 18
– Markus 47139 Walporzheimer- 74
– Peter 47178 Heuberg 15
– Theodor 47139 Haus-Knipp- 42
– Ursula 47198 Kant- 17
– Waltraud 47051 Abtei- 9
Portnova Raisa
47167 Albert-Einstein- 19
Portugall Birgit 47167 Fiskus- 201
– Friedel 47167 Fiskus- 201
– Ingrid 47166 Goethe- 1
– Klaus 47166 Goethe- 1
Portulidou Kiriaki
47053 Wanheimer- 409
Portz Andreas 47198 Kirch- 134a
– Christiane 47198 Friedhofsallee 17a
– Dagmar
47249 Großenbaumer Allee 270
– Hildegard 47198 Stern- 35
– Roland 47198 Garten- 31
– Siegfried 47198 Frieden- 6
Porwit Beate 47051 Sonnenwall 27
– Margarethe 47139 Monschauer- 2
– Werner 47139 Monschauer- 2
Porwod Marc 47051 Philosophenweg 2
Porwoll Andreas
47259 Angerhauser- 51
– Erhard 47259 Im Bonnefeld 36
– Michaela 47259 Im Bonnefeld 36
– Monika 47259 Im Bonnefeld 36
Porz Elfriede 47228 Auf dem Wiel 49
– Franz 47228 Van-Gogh- 111
– Helmut 47228 Van-Gogh- 111
– Margarete 47228 Wiesen- 33
– Silvia 47228 Van-Gogh- 111
Porzb Lucia Anna de
47053 Wanheimer- 142
Porzsolt Eva 47249 Heiligenbaum- 29
Einwohner Namen-Teil
A-DU	Firmen, Gewerbebetriebe usw. nach Namen – siehe gelber Teil
